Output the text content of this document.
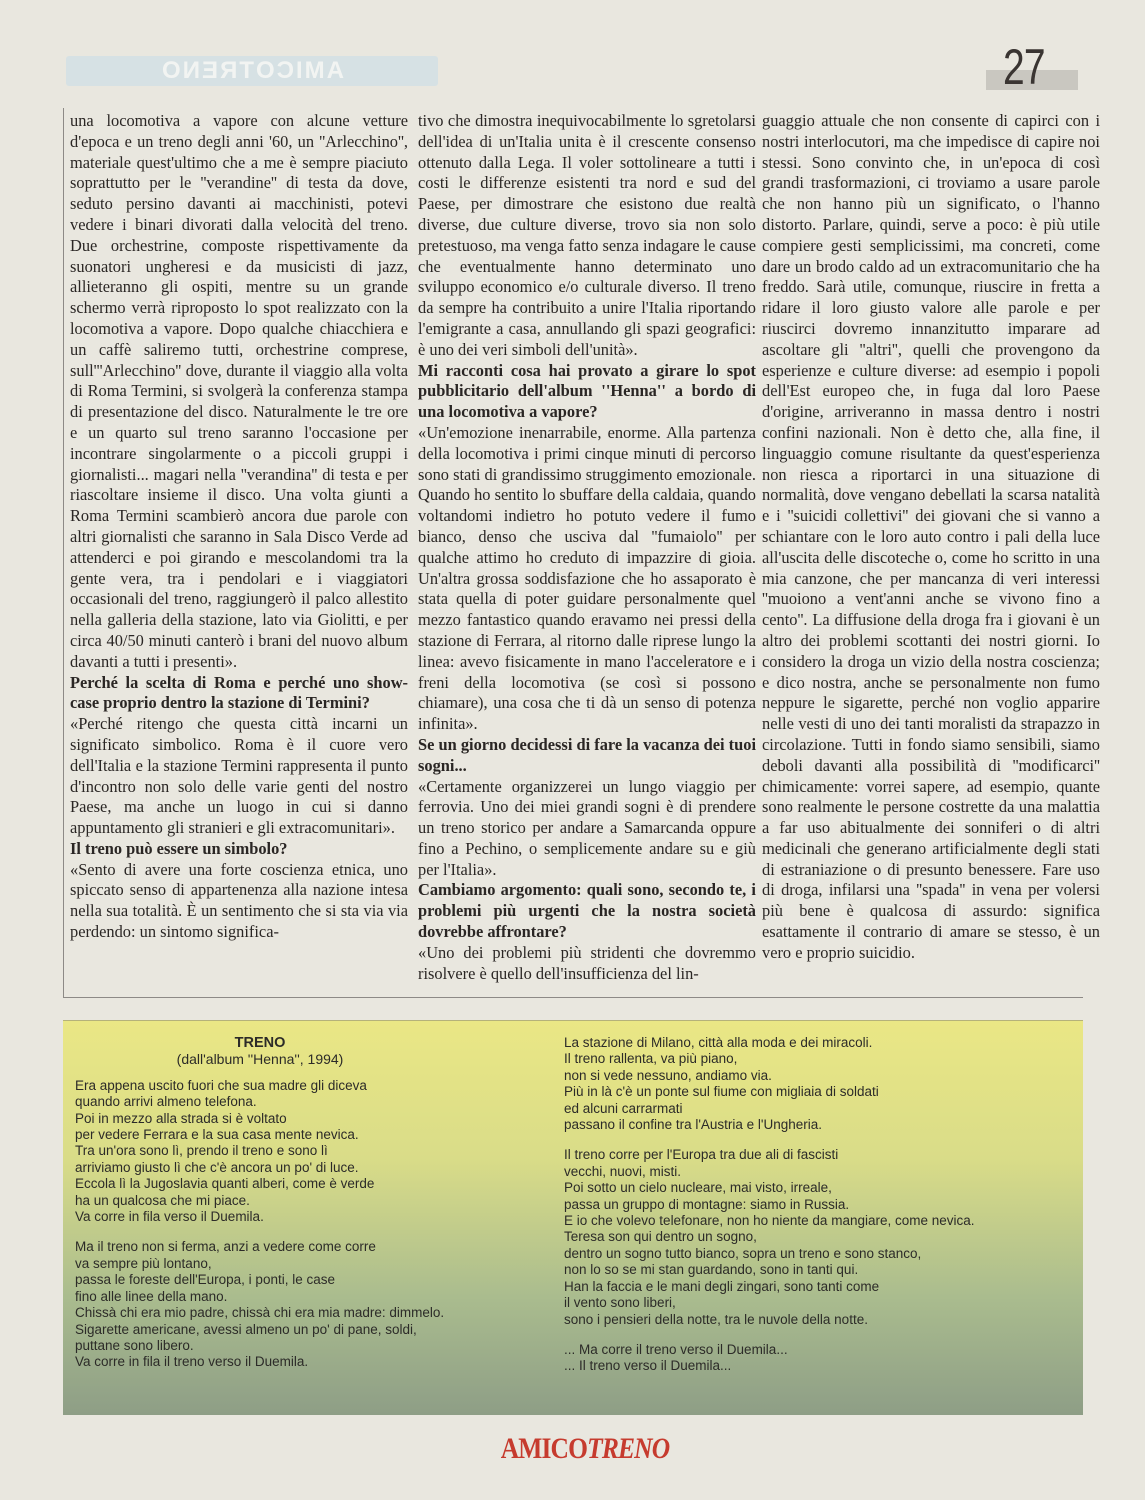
AMICOTRENO	27

una locomotiva a vapore con alcune vetture d'epoca e un treno degli anni '60, un ''Arlecchino'', materiale quest'ultimo che a me è sempre piaciuto soprattutto per le ''verandine'' di testa da dove, seduto persino davanti ai macchinisti, potevi vedere i binari divorati dalla velocità del treno. Due orchestrine, composte rispettivamente da suonatori ungheresi e da musicisti di jazz, allieteranno gli ospiti, mentre su un grande schermo verrà riproposto lo spot realizzato con la locomotiva a vapore. Dopo qualche chiacchiera e un caffè saliremo tutti, orchestrine comprese, sull'''Arlecchino'' dove, durante il viaggio alla volta di Roma Termini, si svolgerà la conferenza stampa di presentazione del disco. Naturalmente le tre ore e un quarto sul treno saranno l'occasione per incontrare singolarmente o a piccoli gruppi i giornalisti... magari nella ''verandina'' di testa e per riascoltare insieme il disco. Una volta giunti a Roma Termini scambierò ancora due parole con altri giornalisti che saranno in Sala Disco Verde ad attenderci e poi girando e mescolandomi tra la gente vera, tra i pendolari e i viaggiatori occasionali del treno, raggiungerò il palco allestito nella galleria della stazione, lato via Giolitti, e per circa 40/50 minuti canterò i brani del nuovo album davanti a tutti i presenti».

Perché la scelta di Roma e perché uno show-case proprio dentro la stazione di Termini?

«Perché ritengo che questa città incarni un significato simbolico. Roma è il cuore vero dell'Italia e la stazione Termini rappresenta il punto d'incontro non solo delle varie genti del nostro Paese, ma anche un luogo in cui si danno appuntamento gli stranieri e gli extracomunitari».

Il treno può essere un simbolo?

«Sento di avere una forte coscienza etnica, uno spiccato senso di appartenenza alla nazione intesa nella sua totalità. È un sentimento che si sta via via perdendo: un sintomo significa-

tivo che dimostra inequivocabilmente lo sgretolarsi dell'idea di un'Italia unita è il crescente consenso ottenuto dalla Lega. Il voler sottolineare a tutti i costi le differenze esistenti tra nord e sud del Paese, per dimostrare che esistono due realtà diverse, due culture diverse, trovo sia non solo pretestuoso, ma venga fatto senza indagare le cause che eventualmente hanno determinato uno sviluppo economico e/o culturale diverso. Il treno da sempre ha contribuito a unire l'Italia riportando l'emigrante a casa, annullando gli spazi geografici: è uno dei veri simboli dell'unità».

Mi racconti cosa hai provato a girare lo spot pubblicitario dell'album ''Henna'' a bordo di una locomotiva a vapore?

«Un'emozione inenarrabile, enorme. Alla partenza della locomotiva i primi cinque minuti di percorso sono stati di grandissimo struggimento emozionale. Quando ho sentito lo sbuffare della caldaia, quando voltandomi indietro ho potuto vedere il fumo bianco, denso che usciva dal ''fumaiolo'' per qualche attimo ho creduto di impazzire di gioia. Un'altra grossa soddisfazione che ho assaporato è stata quella di poter guidare personalmente quel mezzo fantastico quando eravamo nei pressi della stazione di Ferrara, al ritorno dalle riprese lungo la linea: avevo fisicamente in mano l'acceleratore e i freni della locomotiva (se così si possono chiamare), una cosa che ti dà un senso di potenza infinita».

Se un giorno decidessi di fare la vacanza dei tuoi sogni...

«Certamente organizzerei un lungo viaggio per ferrovia. Uno dei miei grandi sogni è di prendere un treno storico per andare a Samarcanda oppure fino a Pechino, o semplicemente andare su e giù per l'Italia».

Cambiamo argomento: quali sono, secondo te, i problemi più urgenti che la nostra società dovrebbe affrontare?

«Uno dei problemi più stridenti che dovremmo risolvere è quello dell'insufficienza del lin-

guaggio attuale che non consente di capirci con i nostri interlocutori, ma che impedisce di capire noi stessi. Sono convinto che, in un'epoca di così grandi trasformazioni, ci troviamo a usare parole che non hanno più un significato, o l'hanno distorto. Parlare, quindi, serve a poco: è più utile compiere gesti semplicissimi, ma concreti, come dare un brodo caldo ad un extracomunitario che ha freddo. Sarà utile, comunque, riuscire in fretta a ridare il loro giusto valore alle parole e per riuscirci dovremo innanzitutto imparare ad ascoltare gli ''altri'', quelli che provengono da esperienze e culture diverse: ad esempio i popoli dell'Est europeo che, in fuga dal loro Paese d'origine, arriveranno in massa dentro i nostri confini nazionali. Non è detto che, alla fine, il linguaggio comune risultante da quest'esperienza non riesca a riportarci in una situazione di normalità, dove vengano debellati la scarsa natalità e i ''suicidi collettivi'' dei giovani che si vanno a schiantare con le loro auto contro i pali della luce all'uscita delle discoteche o, come ho scritto in una mia canzone, che per mancanza di veri interessi ''muoiono a vent'anni anche se vivono fino a cento''. La diffusione della droga fra i giovani è un altro dei problemi scottanti dei nostri giorni. Io considero la droga un vizio della nostra coscienza; e dico nostra, anche se personalmente non fumo neppure le sigarette, perché non voglio apparire nelle vesti di uno dei tanti moralisti da strapazzo in circolazione. Tutti in fondo siamo sensibili, siamo deboli davanti alla possibilità di ''modificarci'' chimicamente: vorrei sapere, ad esempio, quante sono realmente le persone costrette da una malattia a far uso abitualmente dei sonniferi o di altri medicinali che generano artificialmente degli stati di estraniazione o di presunto benessere. Fare uso di droga, infilarsi una ''spada'' in vena per volersi più bene è qualcosa di assurdo: significa esattamente il contrario di amare se stesso, è un vero e proprio suicidio.

TRENO
(dall'album ''Henna'', 1994)

Era appena uscito fuori che sua madre gli diceva
quando arrivi almeno telefona.
Poi in mezzo alla strada si è voltato
per vedere Ferrara e la sua casa mente nevica.
Tra un'ora sono lì, prendo il treno e sono lì
arriviamo giusto lì che c'è ancora un po' di luce.
Eccola lì la Jugoslavia quanti alberi, come è verde
ha un qualcosa che mi piace.
Va corre in fila verso il Duemila.

Ma il treno non si ferma, anzi a vedere come corre
va sempre più lontano,
passa le foreste dell'Europa, i ponti, le case
fino alle linee della mano.
Chissà chi era mio padre, chissà chi era mia madre: dimmelo.
Sigarette americane, avessi almeno un po' di pane, soldi,
puttane sono libero.
Va corre in fila il treno verso il Duemila.

La stazione di Milano, città alla moda e dei miracoli.
Il treno rallenta, va più piano,
non si vede nessuno, andiamo via.
Più in là c'è un ponte sul fiume con migliaia di soldati
ed alcuni carrarmati
passano il confine tra l'Austria e l'Ungheria.

Il treno corre per l'Europa tra due ali di fascisti
vecchi, nuovi, misti.
Poi sotto un cielo nucleare, mai visto, irreale,
passa un gruppo di montagne: siamo in Russia.
E io che volevo telefonare, non ho niente da mangiare, come nevica.
Teresa son qui dentro un sogno,
dentro un sogno tutto bianco, sopra un treno e sono stanco,
non lo so se mi stan guardando, sono in tanti qui.
Han la faccia e le mani degli zingari, sono tanti come
il vento sono liberi,
sono i pensieri della notte, tra le nuvole della notte.

... Ma corre il treno verso il Duemila...
... Il treno verso il Duemila...

AMICOTRENO
